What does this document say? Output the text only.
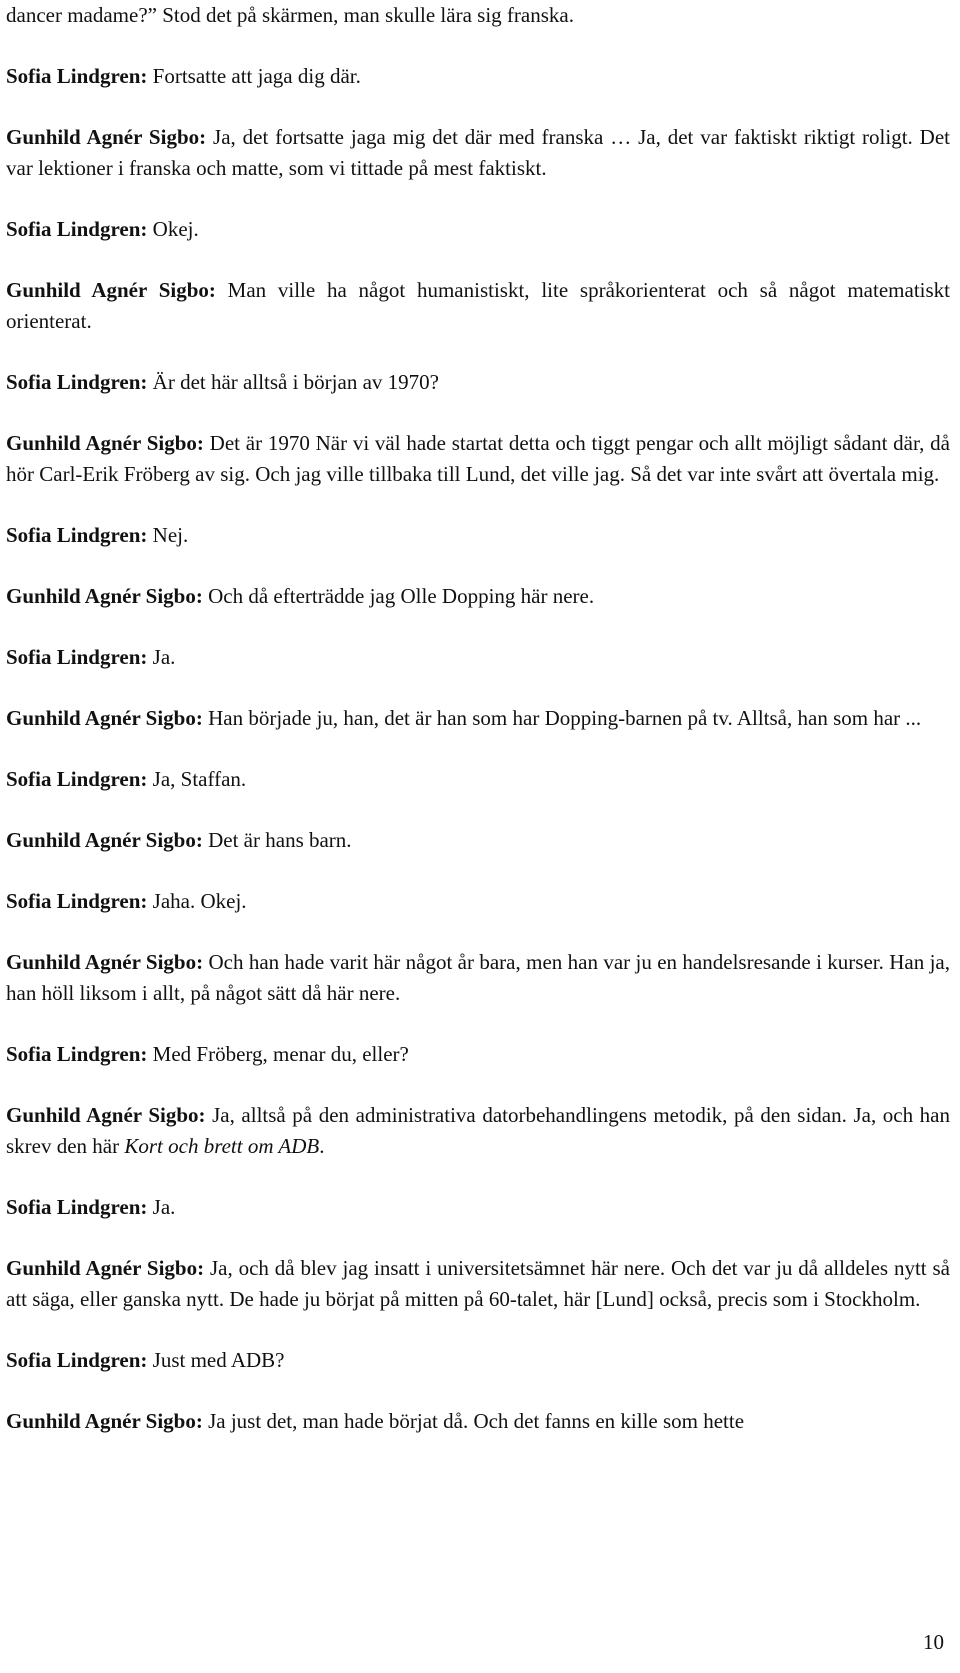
dancer madame?” Stod det på skärmen, man skulle lära sig franska.

Sofia Lindgren: Fortsatte att jaga dig där.

Gunhild Agnér Sigbo: Ja, det fortsatte jaga mig det där med franska … Ja, det var faktiskt riktigt roligt. Det var lektioner i franska och matte, som vi tittade på mest faktiskt.

Sofia Lindgren: Okej.

Gunhild Agnér Sigbo: Man ville ha något humanistiskt, lite språkorienterat och så något matematiskt orienterat.

Sofia Lindgren: Är det här alltså i början av 1970?

Gunhild Agnér Sigbo: Det är 1970 När vi väl hade startat detta och tiggt pengar och allt möjligt sådant där, då hör Carl-Erik Fröberg av sig. Och jag ville tillbaka till Lund, det ville jag. Så det var inte svårt att övertala mig.

Sofia Lindgren: Nej.

Gunhild Agnér Sigbo: Och då efterträdde jag Olle Dopping här nere.

Sofia Lindgren: Ja.

Gunhild Agnér Sigbo: Han började ju, han, det är han som har Dopping-barnen på tv. Alltså, han som har ...

Sofia Lindgren: Ja, Staffan.

Gunhild Agnér Sigbo: Det är hans barn.

Sofia Lindgren: Jaha. Okej.

Gunhild Agnér Sigbo: Och han hade varit här något år bara, men han var ju en handelsresande i kurser. Han ja, han höll liksom i allt, på något sätt då här nere.

Sofia Lindgren: Med Fröberg, menar du, eller?

Gunhild Agnér Sigbo: Ja, alltså på den administrativa datorbehandlingens metodik, på den sidan. Ja, och han skrev den här Kort och brett om ADB.

Sofia Lindgren: Ja.

Gunhild Agnér Sigbo: Ja, och då blev jag insatt i universitetsämnet här nere. Och det var ju då alldeles nytt så att säga, eller ganska nytt. De hade ju börjat på mitten på 60-talet, här [Lund] också, precis som i Stockholm.

Sofia Lindgren: Just med ADB?

Gunhild Agnér Sigbo: Ja just det, man hade börjat då. Och det fanns en kille som hette

10
